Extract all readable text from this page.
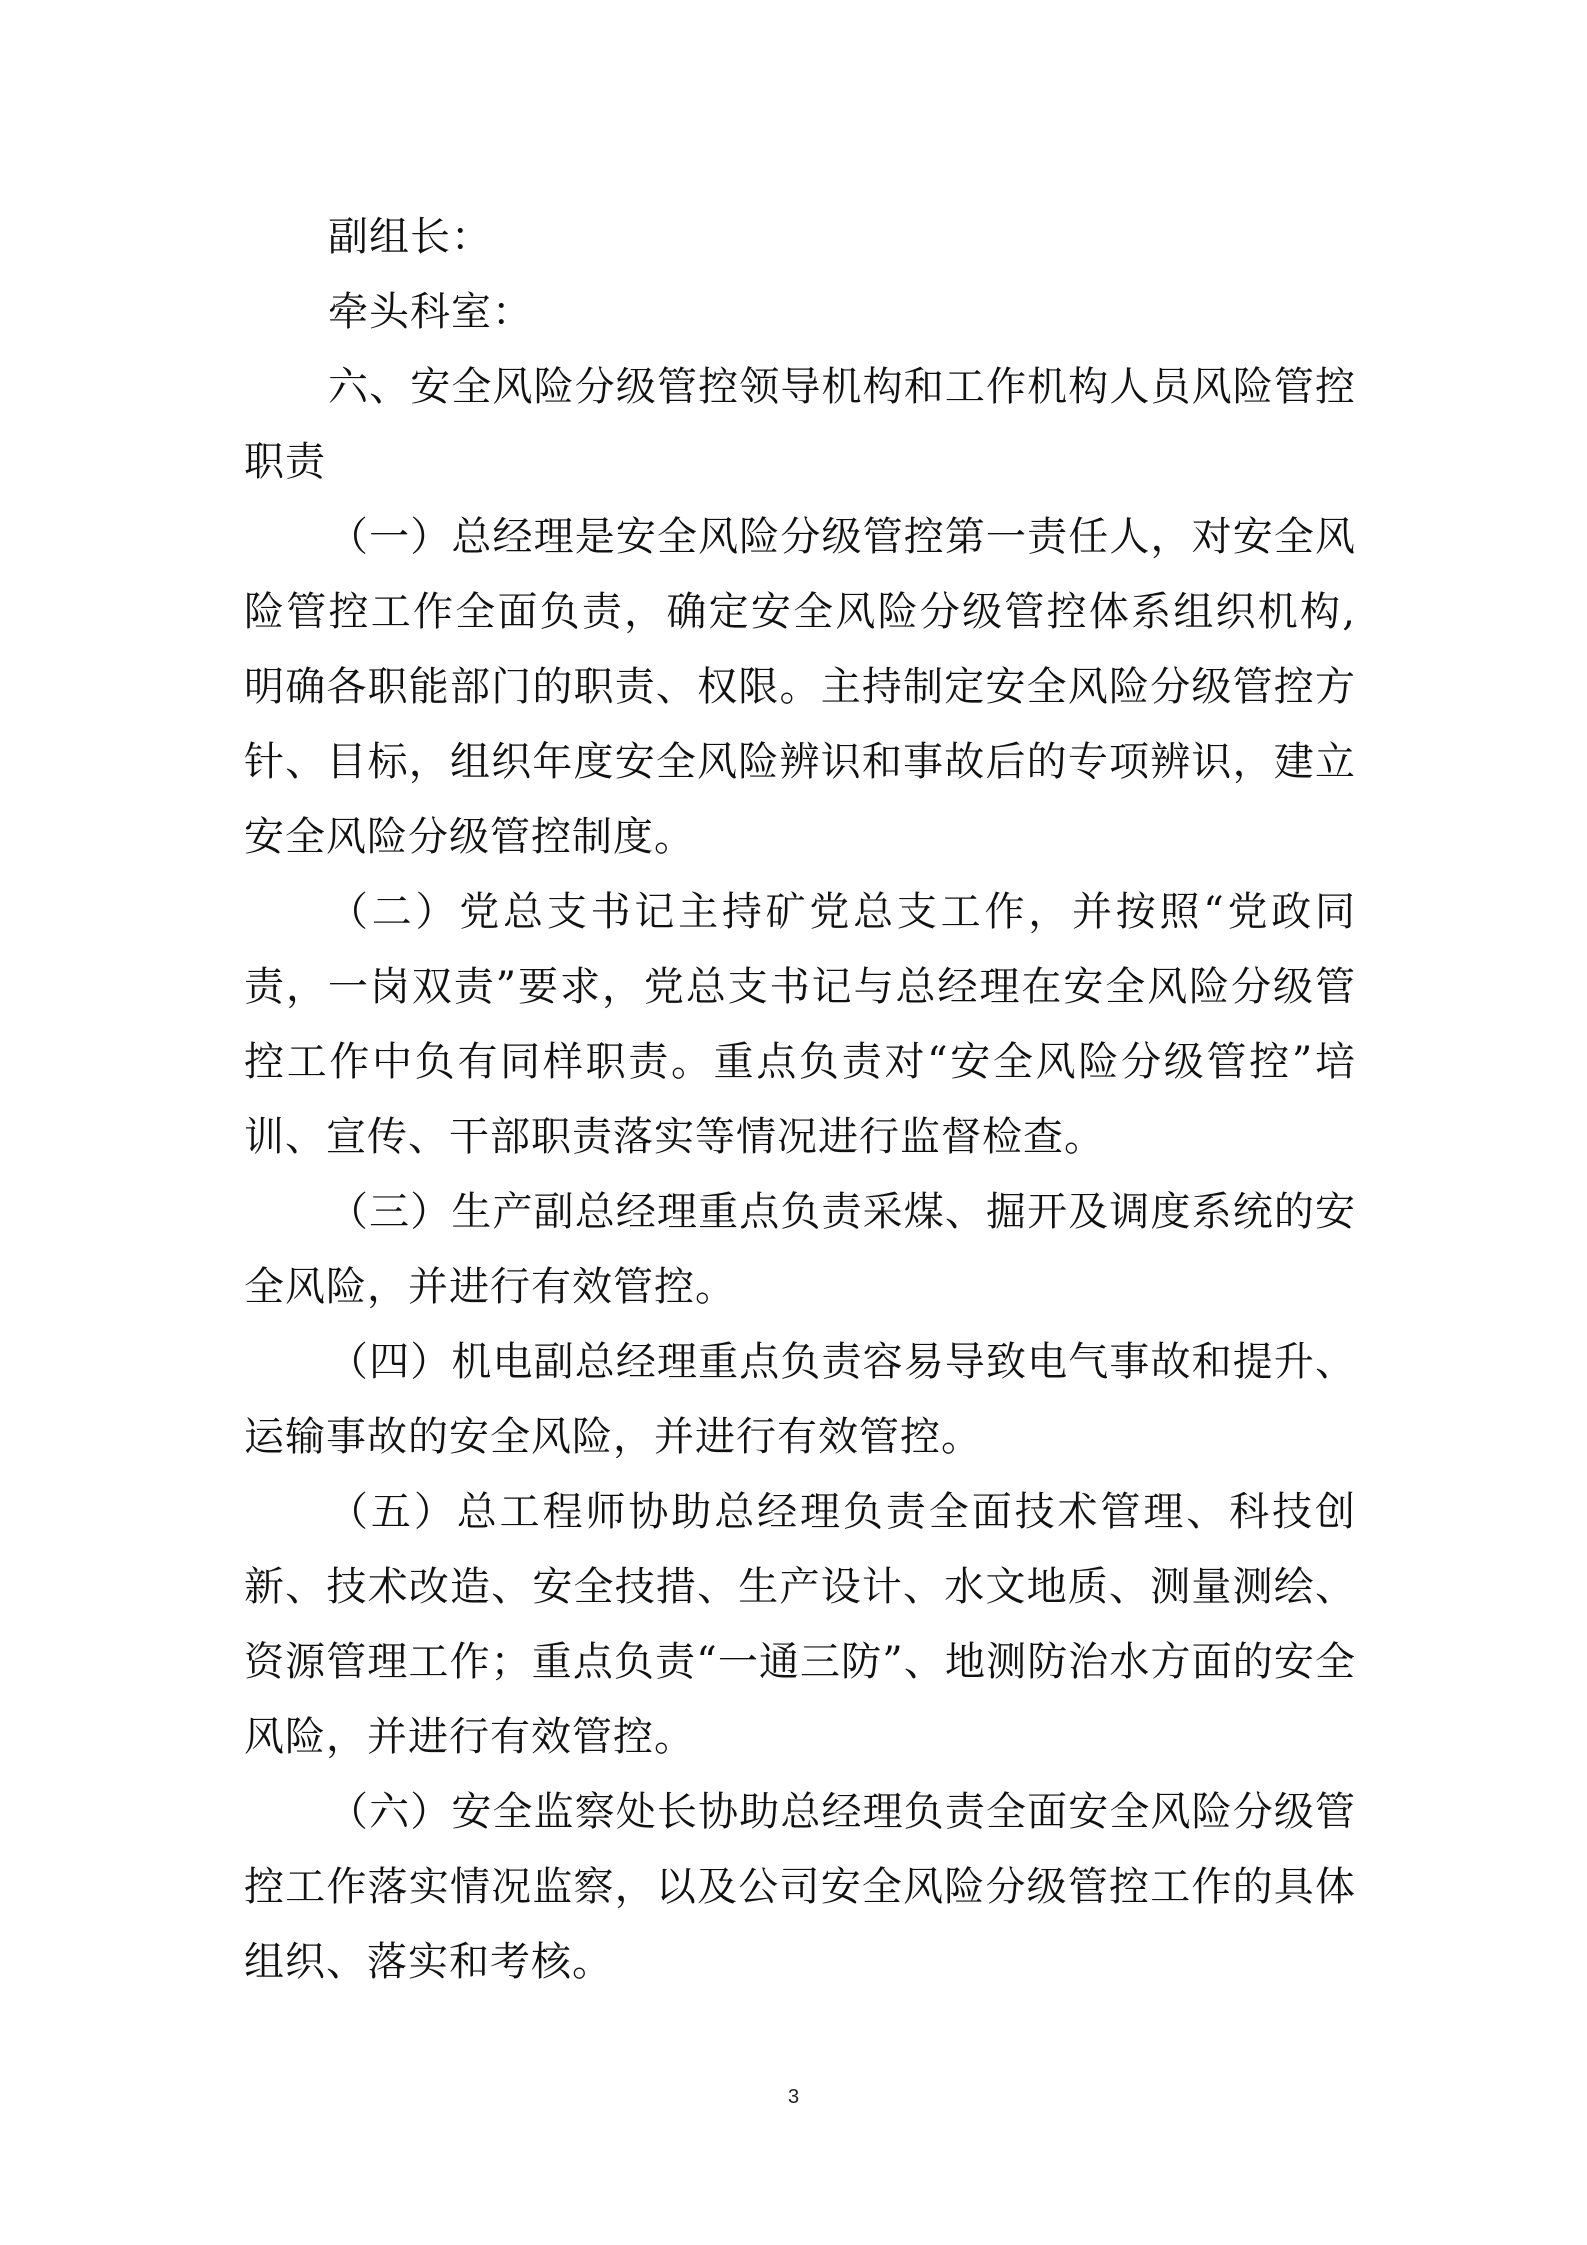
副组长：

牵头科室：

六、安全风险分级管控领导机构和工作机构人员风险管控职责

（一）总经理是安全风险分级管控第一责任人，对安全风险管控工作全面负责，确定安全风险分级管控体系组织机构,明确各职能部门的职责、权限。主持制定安全风险分级管控方针、目标，组织年度安全风险辨识和事故后的专项辨识，建立安全风险分级管控制度。

（二）党总支书记主持矿党总支工作，并按照“党政同责，一岗双责”要求，党总支书记与总经理在安全风险分级管控工作中负有同样职责。重点负责对“安全风险分级管控”培训、宣传、干部职责落实等情况进行监督检查。

（三）生产副总经理重点负责采煤、掘开及调度系统的安全风险，并进行有效管控。

（四）机电副总经理重点负责容易导致电气事故和提升、运输事故的安全风险，并进行有效管控。

（五）总工程师协助总经理负责全面技术管理、科技创新、技术改造、安全技措、生产设计、水文地质、测量测绘、资源管理工作；重点负责“一通三防”、地测防治水方面的安全风险，并进行有效管控。

（六）安全监察处长协助总经理负责全面安全风险分级管控工作落实情况监察，以及公司安全风险分级管控工作的具体组织、落实和考核。

3
